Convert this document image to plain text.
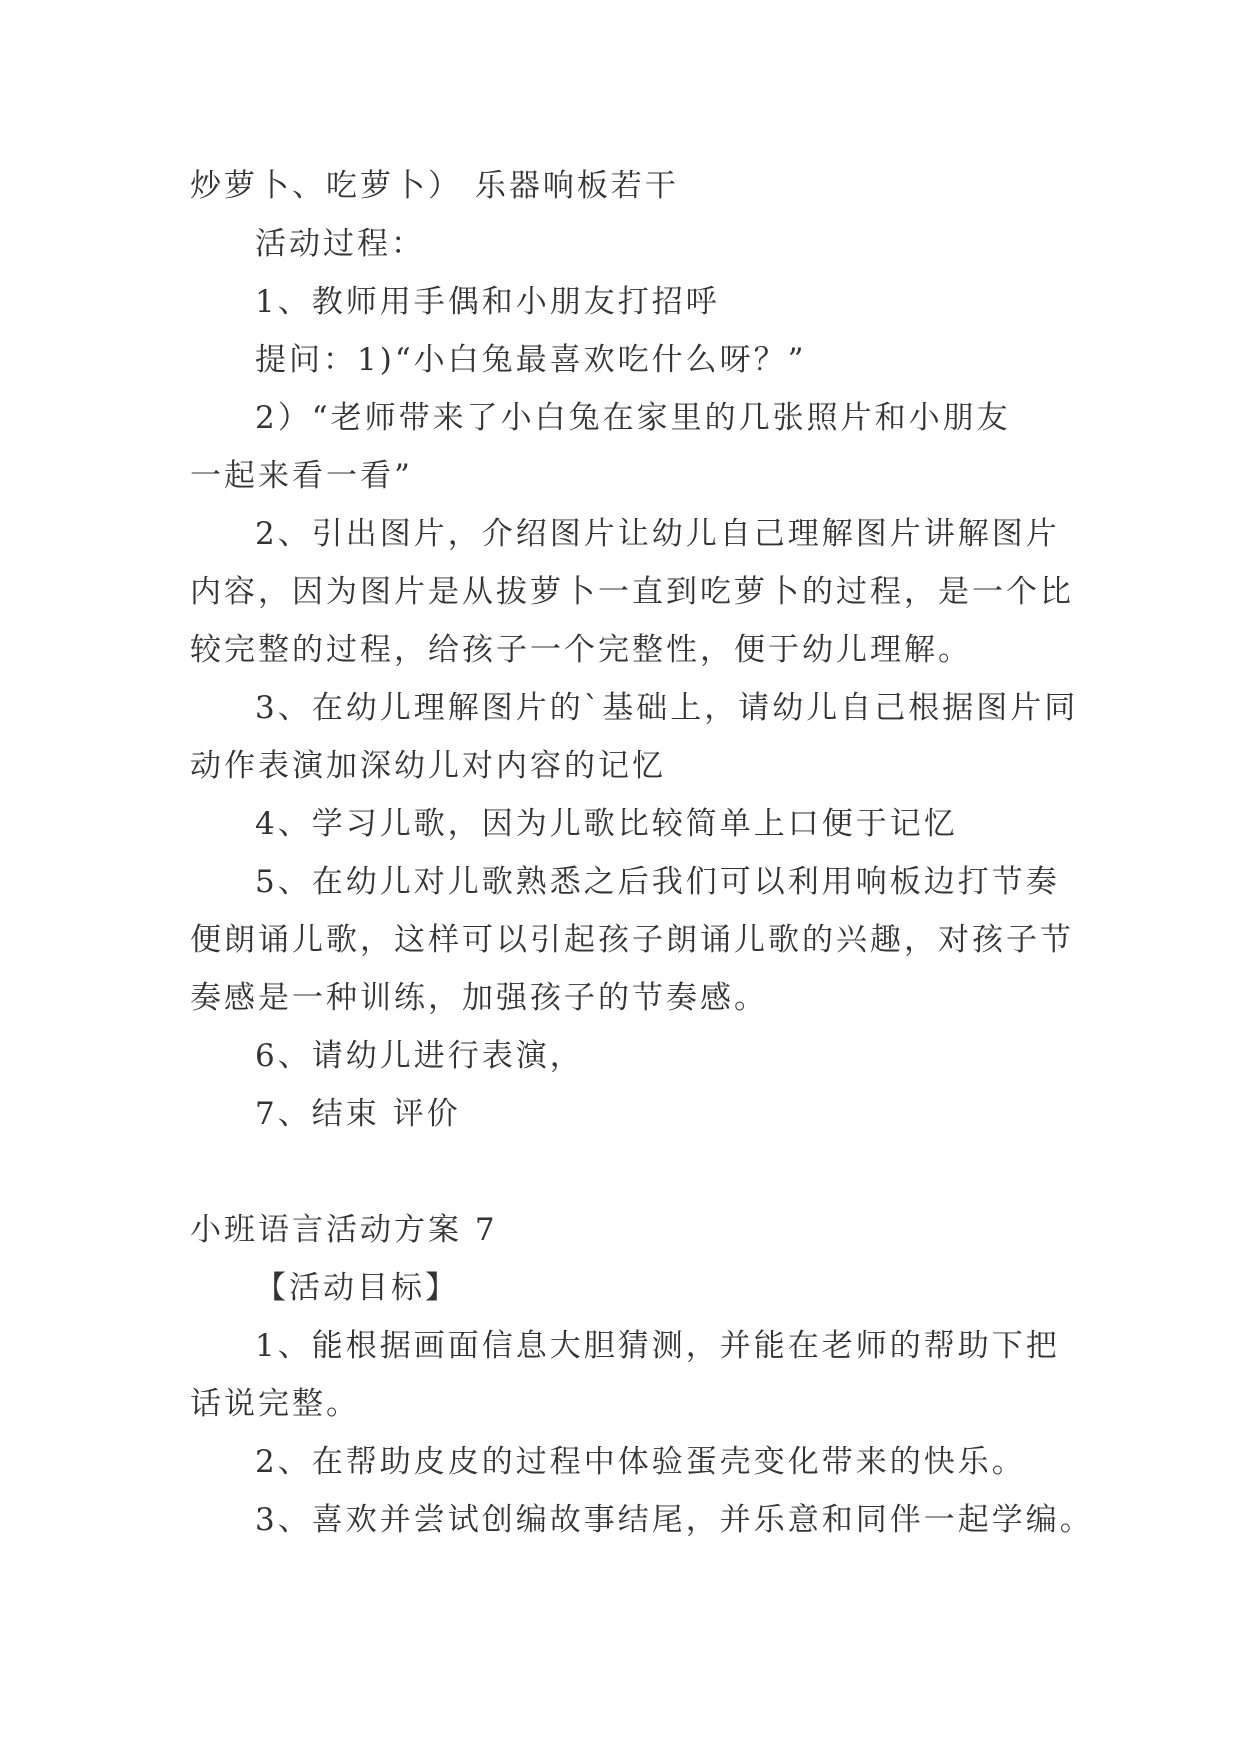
炒萝卜、吃萝卜） 乐器响板若干
活动过程：
1、教师用手偶和小朋友打招呼
提问：1)“小白兔最喜欢吃什么呀？”
2）“老师带来了小白兔在家里的几张照片和小朋友
一起来看一看”
2、引出图片，介绍图片让幼儿自己理解图片讲解图片
内容，因为图片是从拔萝卜一直到吃萝卜的过程，是一个比
较完整的过程，给孩子一个完整性，便于幼儿理解。
3、在幼儿理解图片的`基础上，请幼儿自己根据图片同
动作表演加深幼儿对内容的记忆
4、学习儿歌，因为儿歌比较简单上口便于记忆
5、在幼儿对儿歌熟悉之后我们可以利用响板边打节奏
便朗诵儿歌，这样可以引起孩子朗诵儿歌的兴趣，对孩子节
奏感是一种训练，加强孩子的节奏感。
6、请幼儿进行表演，
7、结束 评价
小班语言活动方案 7
【活动目标】
1、能根据画面信息大胆猜测，并能在老师的帮助下把
话说完整。
2、在帮助皮皮的过程中体验蛋壳变化带来的快乐。
3、喜欢并尝试创编故事结尾，并乐意和同伴一起学编。
